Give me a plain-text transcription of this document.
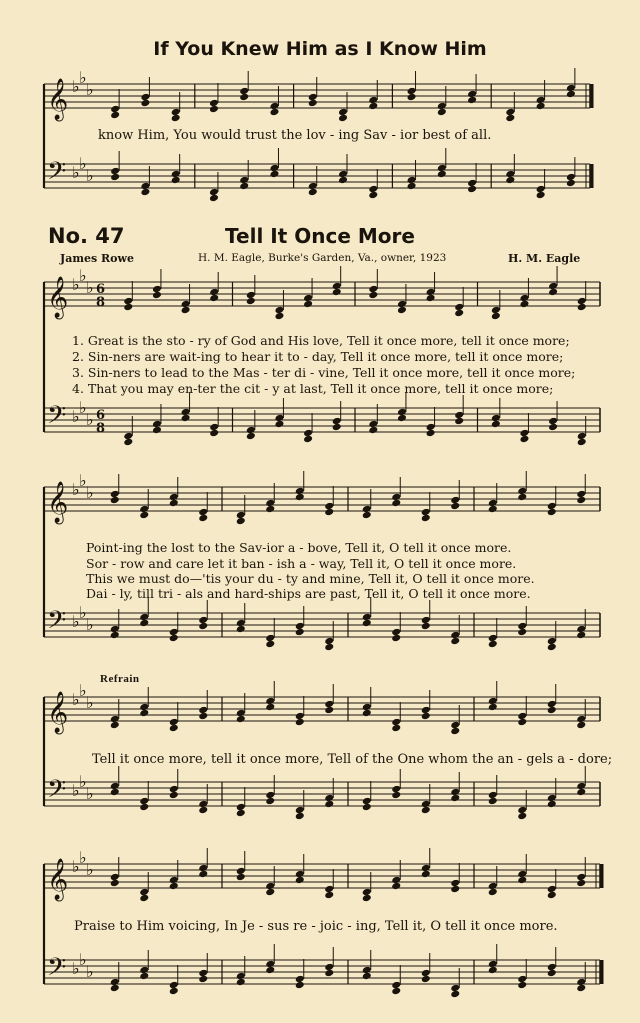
𝄞
𝄢
♭ ♭
♭
♭ ♭
♭
𝄞
𝄢
♭ ♭
♭
♭ ♭
♭
6
8
6
8
𝄞
𝄢
♭ ♭
♭
♭ ♭
♭
𝄞
𝄢
♭ ♭
♭
♭ ♭
♭
𝄞
𝄢
♭ ♭
♭
♭ ♭
♭
If You Knew Him as I Know Him
know Him, You would trust the lov - ing Sav - ior best of all.
No. 47	Tell It Once More
James Rowe	H. M. Eagle, Burke's Garden, Va., owner, 1923	H. M. Eagle
1. Great is the sto - ry of God and His love, Tell it once more, tell it once more;
2. Sin-ners are wait-ing to hear it to - day, Tell it once more, tell it once more;
3. Sin-ners to lead to the Mas - ter di - vine, Tell it once more, tell it once more;
4. That you may en-ter the cit - y at last, Tell it once more, tell it once more;
Point-ing the lost to the Sav-ior a - bove, Tell it, O tell it once more.
Sor - row and care let it ban - ish a - way, Tell it, O tell it once more.
This we must do—'tis your du - ty and mine, Tell it, O tell it once more.
Dai - ly, till tri - als and hard-ships are past, Tell it, O tell it once more.
Refrain
Tell it once more, tell it once more, Tell of the One whom the an - gels a - dore;
Praise to Him voicing, In Je - sus re - joic - ing, Tell it, O tell it once more.
